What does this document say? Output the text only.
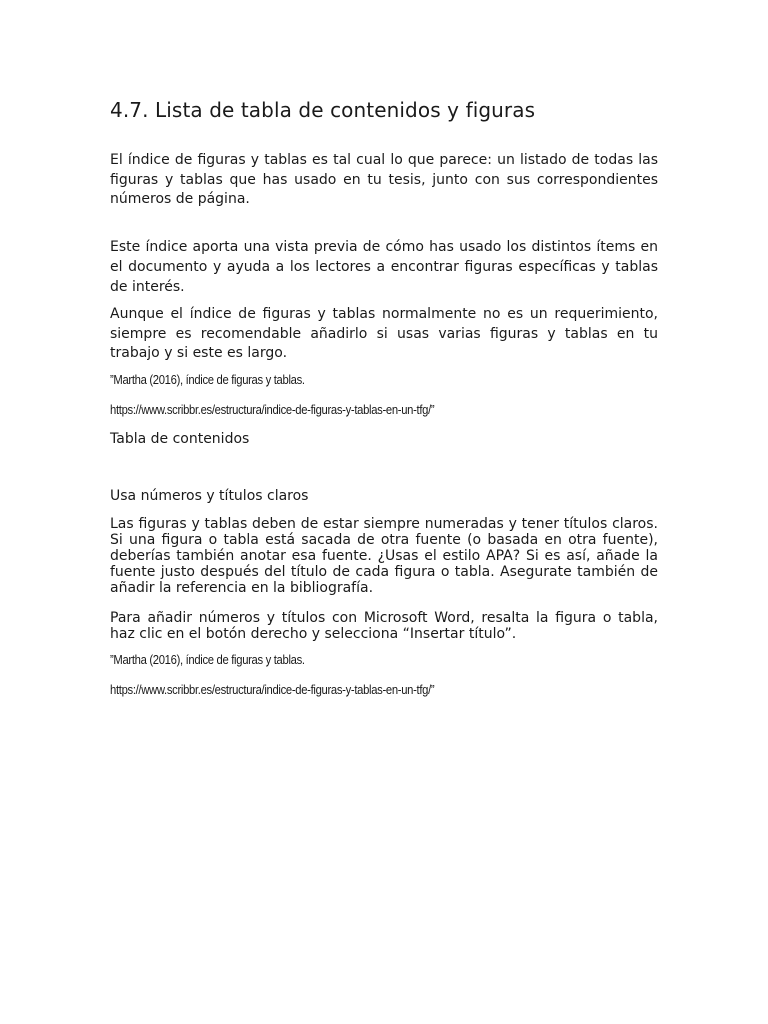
4.7. Lista de tabla de contenidos y figuras

El índice de figuras y tablas es tal cual lo que parece: un listado de todas las figuras y tablas que has usado en tu tesis, junto con sus correspondientes números de página.

Este índice aporta una vista previa de cómo has usado los distintos ítems en el documento y ayuda a los lectores a encontrar figuras específicas y tablas de interés.

Aunque el índice de figuras y tablas normalmente no es un requerimiento, siempre es recomendable añadirlo si usas varias figuras y tablas en tu trabajo y si este es largo.

”Martha (2016), índice de figuras y tablas.

https://www.scribbr.es/estructura/indice-de-figuras-y-tablas-en-un-tfg/”

Tabla de contenidos

Usa números y títulos claros

Las figuras y tablas deben de estar siempre numeradas y tener títulos claros. Si una figura o tabla está sacada de otra fuente (o basada en otra fuente), deberías también anotar esa fuente. ¿Usas el estilo APA? Si es así, añade la fuente justo después del título de cada figura o tabla. Asegurate también de añadir la referencia en la bibliografía.

Para añadir números y títulos con Microsoft Word, resalta la figura o tabla, haz clic en el botón derecho y selecciona “Insertar título”.

”Martha (2016), índice de figuras y tablas.

https://www.scribbr.es/estructura/indice-de-figuras-y-tablas-en-un-tfg/”
